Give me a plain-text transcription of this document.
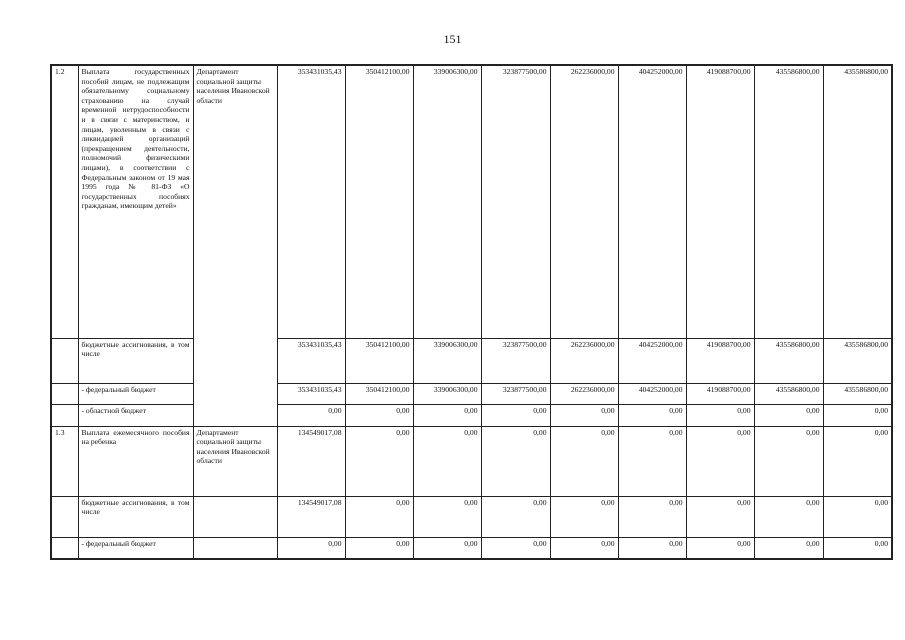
151
1.2	Выплата государственных пособий лицам, не подлежащим обязательному социальному страхованию на случай временной нетрудоспособности и в связи с материнством, и лицам, уволенным в связи с ликвидацией организаций (прекращением деятельности, полномочий физическими лицами), в соответствии с Федеральным законом от 19 мая 1995 года № 81-ФЗ «О государственных пособиях гражданам, имеющим детей»	Департамент социальной защиты населения Ивановской области	353431035,43	350412100,00	339006300,00	323877500,00	262236000,00	404252000,00	419088700,00	435586800,00	435586800,00
	бюджетные ассигнования, в том числе		353431035,43	350412100,00	339006300,00	323877500,00	262236000,00	404252000,00	419088700,00	435586800,00	435586800,00
	- федеральный бюджет		353431035,43	350412100,00	339006300,00	323877500,00	262236000,00	404252000,00	419088700,00	435586800,00	435586800,00
	- областной бюджет		0,00	0,00	0,00	0,00	0,00	0,00	0,00	0,00	0,00
1.3	Выплата ежемесячного пособия на ребенка	Департамент социальной защиты населения Ивановской области	134549017,08	0,00	0,00	0,00	0,00	0,00	0,00	0,00	0,00
	бюджетные ассигнования, в том числе		134549017,08	0,00	0,00	0,00	0,00	0,00	0,00	0,00	0,00
	- федеральный бюджет		0,00	0,00	0,00	0,00	0,00	0,00	0,00	0,00	0,00
